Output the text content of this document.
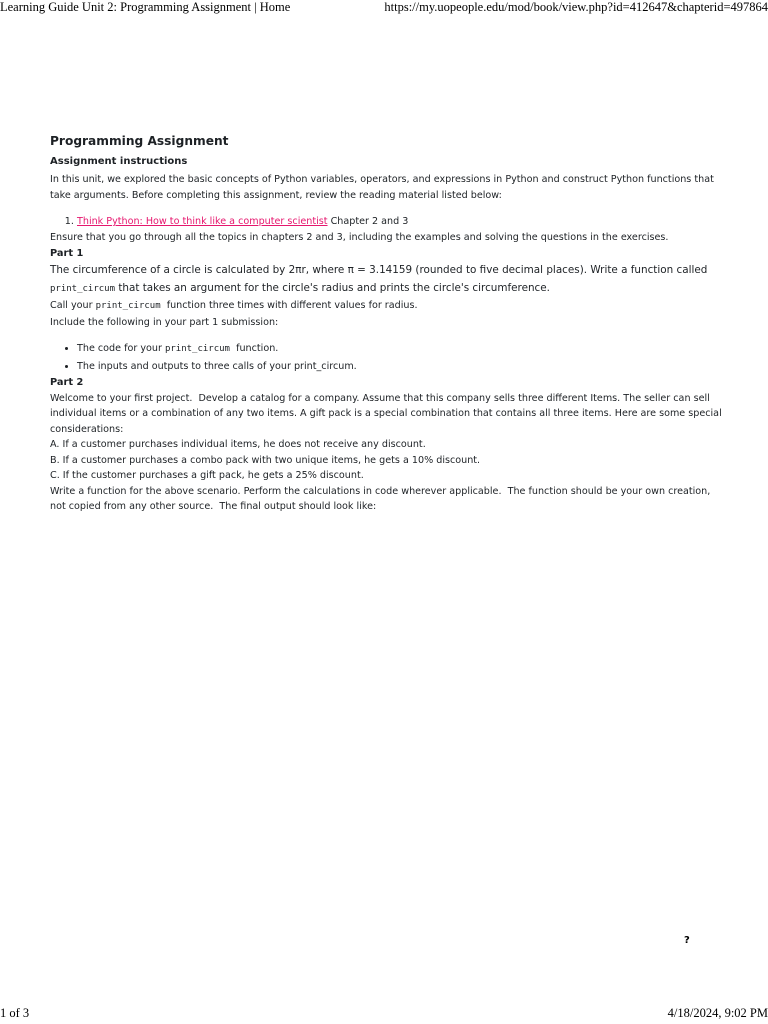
Learning Guide Unit 2: Programming Assignment | Home	https://my.uopeople.edu/mod/book/view.php?id=412647&chapterid=497864
Programming Assignment
Assignment instructions

In this unit, we explored the basic concepts of Python variables, operators, and expressions in Python and construct Python functions that take arguments. Before completing this assignment, review the reading material listed below:

1. Think Python: How to think like a computer scientist Chapter 2 and 3

Ensure that you go through all the topics in chapters 2 and 3, including the examples and solving the questions in the exercises.

Part 1

The circumference of a circle is calculated by 2πr, where π = 3.14159 (rounded to five decimal places). Write a function called print_circum that takes an argument for the circle's radius and prints the circle's circumference.

Call your print_circum  function three times with different values for radius.

Include the following in your part 1 submission:

• The code for your print_circum  function.
• The inputs and outputs to three calls of your print_circum.

Part 2

Welcome to your first project.  Develop a catalog for a company. Assume that this company sells three different Items. The seller can sell individual items or a combination of any two items. A gift pack is a special combination that contains all three items. Here are some special considerations:

A. If a customer purchases individual items, he does not receive any discount.

B. If a customer purchases a combo pack with two unique items, he gets a 10% discount.

C. If the customer purchases a gift pack, he gets a 25% discount.

Write a function for the above scenario. Perform the calculations in code wherever applicable.  The function should be your own creation, not copied from any other source.  The final output should look like:

?
1 of 3	4/18/2024, 9:02 PM
